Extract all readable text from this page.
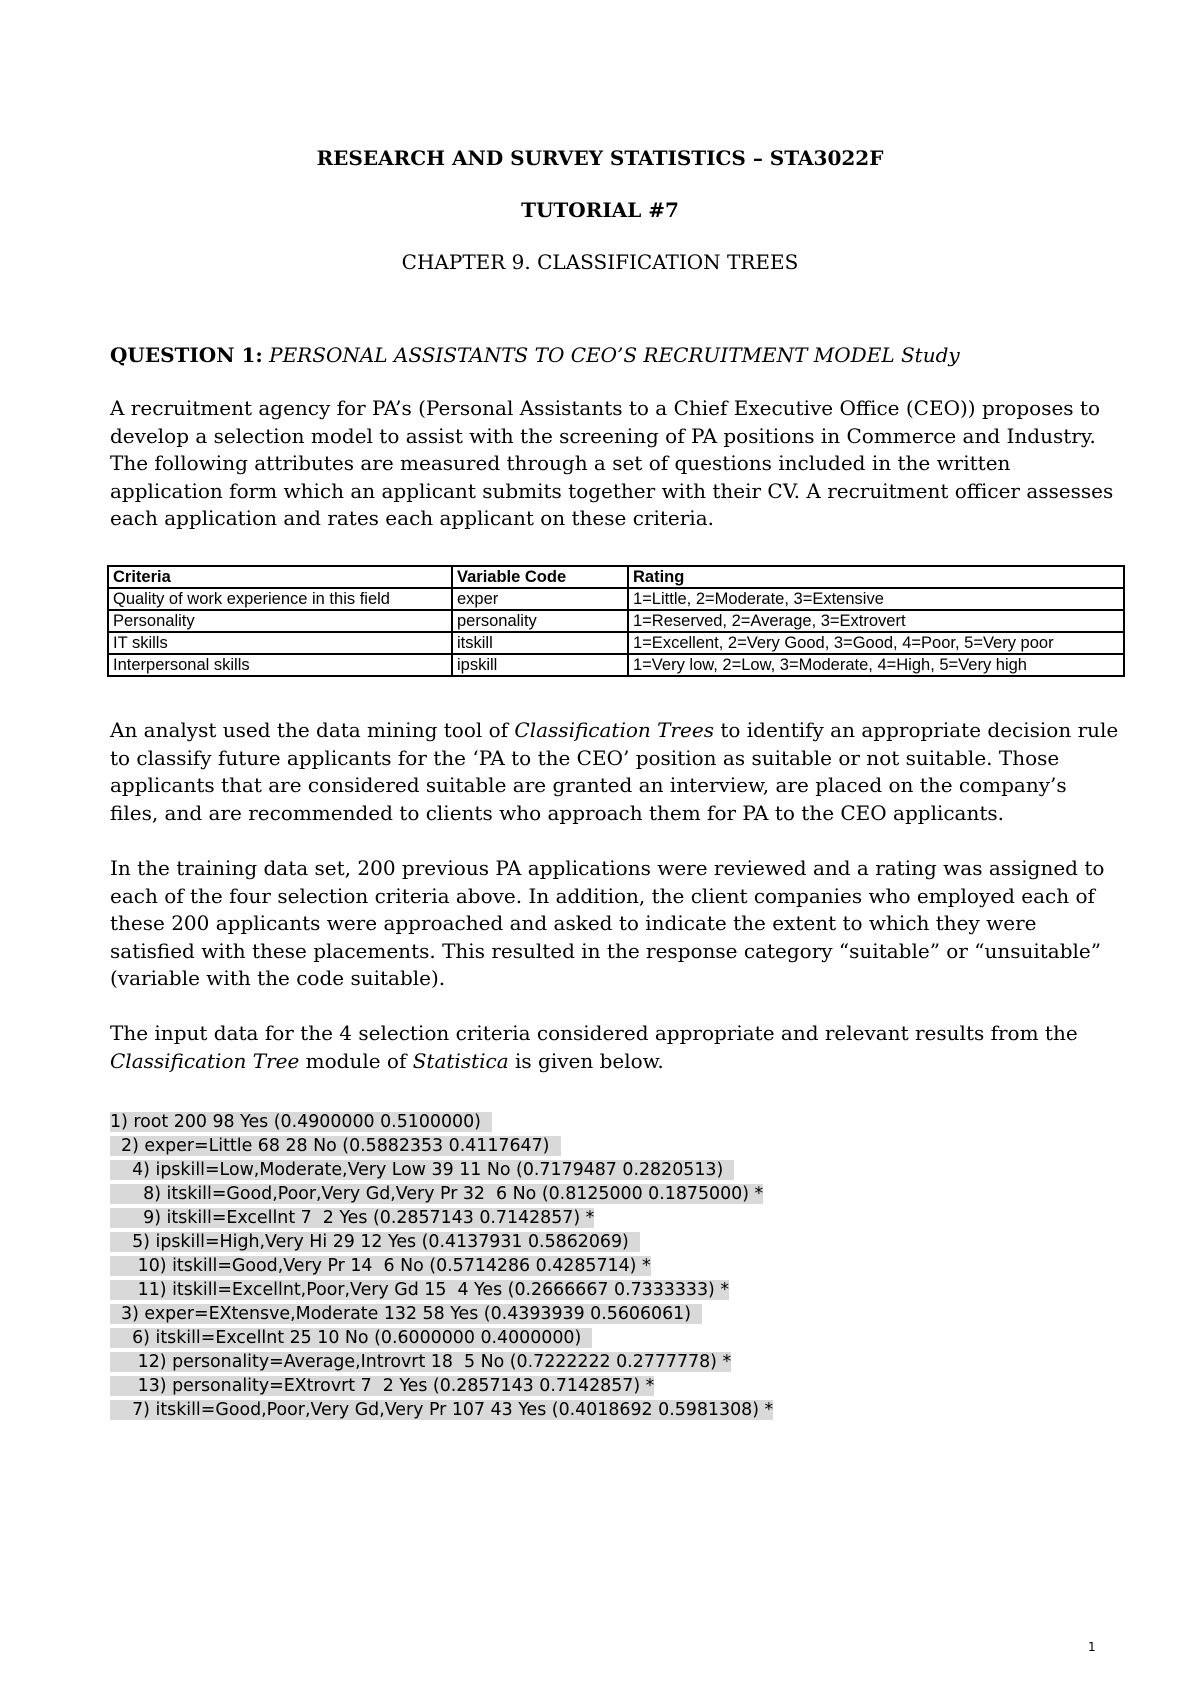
RESEARCH AND SURVEY STATISTICS – STA3022F
TUTORIAL #7
CHAPTER 9. CLASSIFICATION TREES
QUESTION 1: PERSONAL ASSISTANTS TO CEO’S RECRUITMENT MODEL Study

A recruitment agency for PA’s (Personal Assistants to a Chief Executive Office (CEO)) proposes to develop a selection model to assist with the screening of PA positions in Commerce and Industry. The following attributes are measured through a set of questions included in the written application form which an applicant submits together with their CV. A recruitment officer assesses each application and rates each applicant on these criteria.

Criteria	Variable Code	Rating
Quality of work experience in this field	exper	1=Little, 2=Moderate, 3=Extensive
Personality	personality	1=Reserved, 2=Average, 3=Extrovert
IT skills	itskill	1=Excellent, 2=Very Good, 3=Good, 4=Poor, 5=Very poor
Interpersonal skills	ipskill	1=Very low, 2=Low, 3=Moderate, 4=High, 5=Very high

An analyst used the data mining tool of Classification Trees to identify an appropriate decision rule to classify future applicants for the ‘PA to the CEO’ position as suitable or not suitable. Those applicants that are considered suitable are granted an interview, are placed on the company’s files, and are recommended to clients who approach them for PA to the CEO applicants.

In the training data set, 200 previous PA applications were reviewed and a rating was assigned to each of the four selection criteria above. In addition, the client companies who employed each of these 200 applicants were approached and asked to indicate the extent to which they were satisfied with these placements. This resulted in the response category “suitable” or “unsuitable” (variable with the code suitable).

The input data for the 4 selection criteria considered appropriate and relevant results from the Classification Tree module of Statistica is given below.

1) root 200 98 Yes (0.4900000 0.5100000)
2) exper=Little 68 28 No (0.5882353 0.4117647)
4) ipskill=Low,Moderate,Very Low 39 11 No (0.7179487 0.2820513)
8) itskill=Good,Poor,Very Gd,Very Pr 32  6 No (0.8125000 0.1875000) *
9) itskill=Excellnt 7  2 Yes (0.2857143 0.7142857) *
5) ipskill=High,Very Hi 29 12 Yes (0.4137931 0.5862069)
10) itskill=Good,Very Pr 14  6 No (0.5714286 0.4285714) *
11) itskill=Excellnt,Poor,Very Gd 15  4 Yes (0.2666667 0.7333333) *
3) exper=EXtensve,Moderate 132 58 Yes (0.4393939 0.5606061)
6) itskill=Excellnt 25 10 No (0.6000000 0.4000000)
12) personality=Average,Introvrt 18  5 No (0.7222222 0.2777778) *
13) personality=EXtrovrt 7  2 Yes (0.2857143 0.7142857) *
7) itskill=Good,Poor,Very Gd,Very Pr 107 43 Yes (0.4018692 0.5981308) *
1
